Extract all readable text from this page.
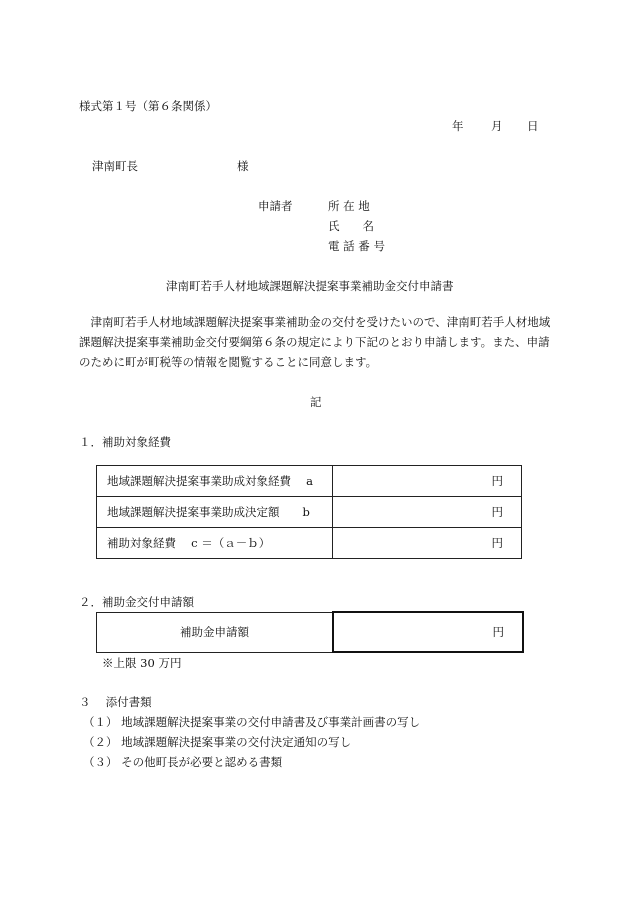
様式第１号（第６条関係）
年 月 日
津南町長	様
申請者	所 在 地
氏　　名
電 話 番 号
津南町若手人材地域課題解決提案事業補助金交付申請書
津南町若手人材地域課題解決提案事業補助金の交付を受けたいので、津南町若手人材地域課題解決提案事業補助金交付要綱第６条の規定により下記のとおり申請します。また、申請のために町が町税等の情報を閲覧することに同意します。
記
１．補助対象経費
地域課題解決提案事業助成対象経費　 a	円
地域課題解決提案事業助成決定額　　b	円
補助対象経費　 c ＝（ａ－ｂ）	円
２．補助金交付申請額
補助金申請額	円
※上限 30 万円
３　 添付書類
（１） 地域課題解決提案事業の交付申請書及び事業計画書の写し
（２） 地域課題解決提案事業の交付決定通知の写し
（３） その他町長が必要と認める書類
